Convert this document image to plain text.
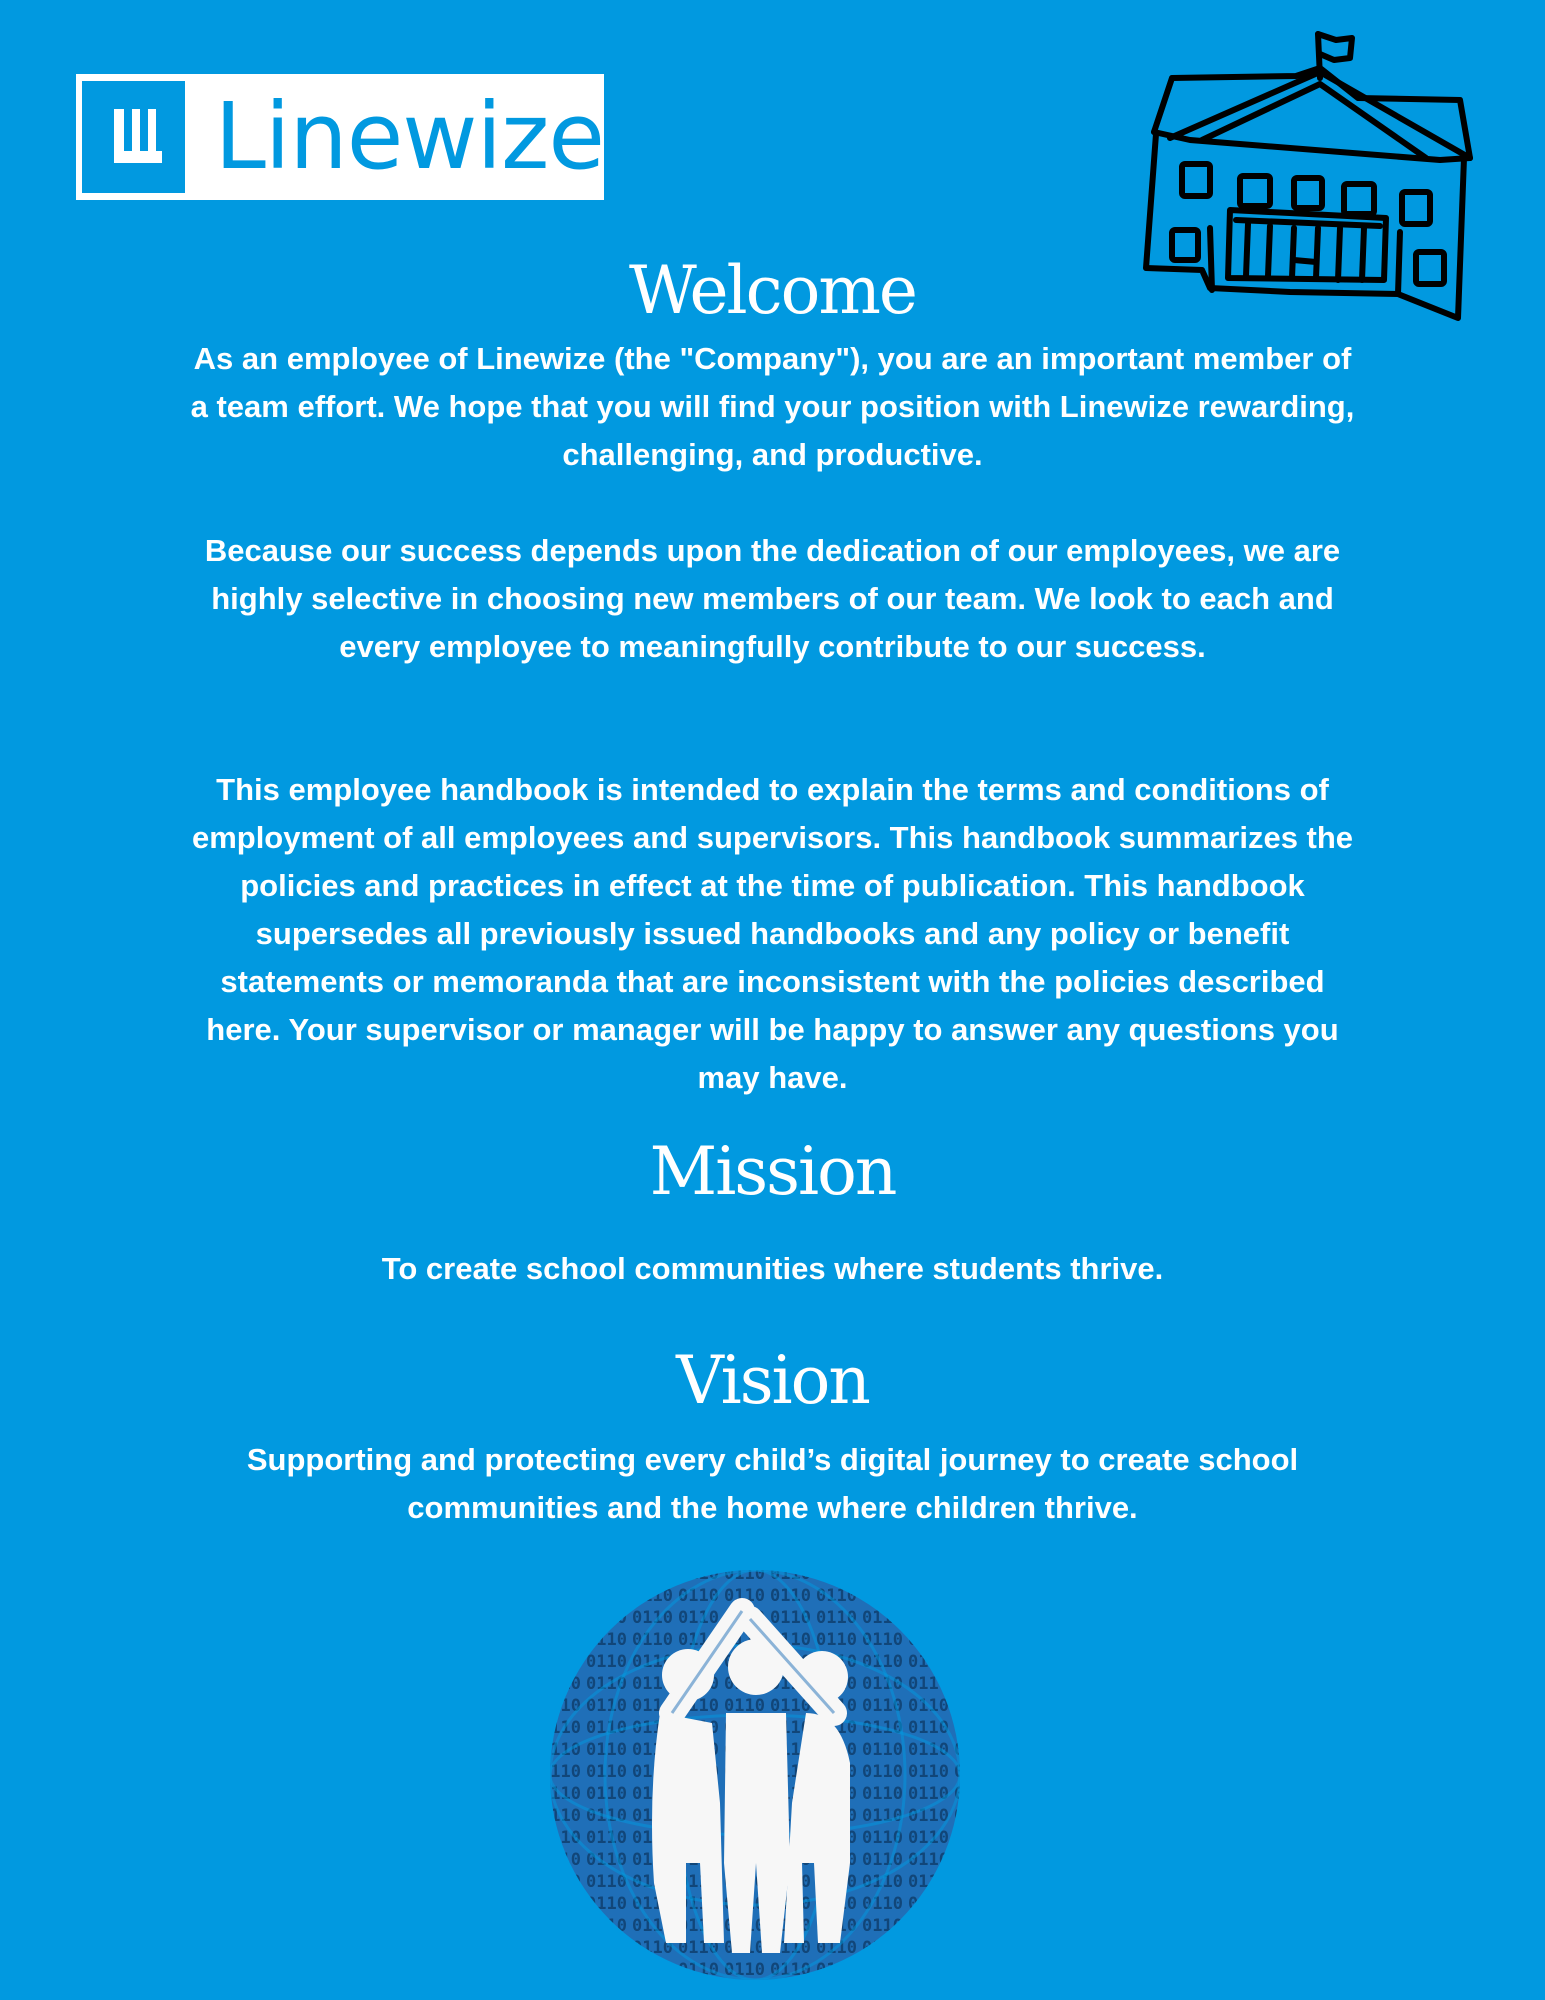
Linewize
Welcome
As an employee of Linewize (the "Company"), you are an important member of a team effort. We hope that you will find your position with Linewize rewarding, challenging, and productive.
Because our success depends upon the dedication of our employees, we are highly selective in choosing new members of our team. We look to each and every employee to meaningfully contribute to our success.
This employee handbook is intended to explain the terms and conditions of employment of all employees and supervisors. This handbook summarizes the policies and practices in effect at the time of publication. This handbook supersedes all previously issued handbooks and any policy or benefit statements or memoranda that are inconsistent with the policies described here. Your supervisor or manager will be happy to answer any questions you may have.
Mission
To create school communities where students thrive.
Vision
Supporting and protecting every child’s digital journey to create school communities and the home where children thrive.
